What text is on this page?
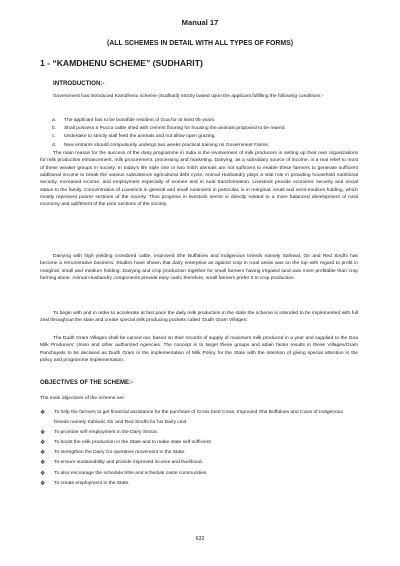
Manual 17
(ALL SCHEMES IN DETAIL WITH ALL TYPES OF FORMS)
1 - “KAMDHENU SCHEME” (SUDHARIT)
INTRODUCTION:-

Government has introduced Kamdhenu scheme (Sudharit) strictly based upon the applicant fulfilling the following conditions:-

a. The applicant has to be bonafide resident of Goa for at least 05 years.
b. Shall possess a Pucca cattle shed with cement flooring for housing the animals proposed to be reared.
c. Undertake to strictly stall feed the animals and not allow open grazing.
d. New entrants should compulsorily undergo two weeks practical training on Government Farms.

The main reason for the success of the dairy programme in India is the involvement of milk producers in setting up their own organizations for milk production enhancement, milk procurement, processing and marketing. Dairying, as a subsidiary source of income, is a real relief to most of these weaker groups in society. In today's life style one or two milch animals are not sufficient to enable these farmers to generate sufficient additional income to break the various subsistence agricultural debt cycle. Animal Husbandry plays a vital role in providing household nutritional security, increased income, and employment especially of women and in rural transformation. Livestock provide economic security and social status to the family. Concentration of Livestock in general and small ruminants in particular, is in marginal, small and semi-medium holding, which mostly represent poorer sections of the society. Thus progress in livestock sector is directly related to a more balanced development of rural economy and upliftment of the poor sections of the society.

Dairying with high yielding crossbred cattle, Improved She Buffaloes and Indigenous breeds namely Sahiwal, Gir and Red Sindhi has become a remunerative business. Studies have shown that dairy enterprise as against crop in rural areas was on the top with regard to profit in marginal, small and medium holding. Dairying and crop production together for small farmers having irrigated land was more profitable than crop farming alone. Animal Husbandry components provide easy cash; therefore, small farmers prefer it to crop production.

To begin with and in order to accelerate at fast pace the daily milk production in the state the scheme is intended to be implemented with full zeal throughout the state and create special milk producing pockets called 'Dudh Gram Villages'.

The Dudh Gram Villages shall be carved out, based on their records of supply of maximum milk produced in a year and supplied to the Goa Milk Producers' Union and other authorized Agencies. The concept is to target these groups and attain faster results in these Villages/Gram Panchayats to be declared as Dudh Gram in the implementation of Milk Policy for the State with the intention of giving special attention in the policy and programme implementation.

OBJECTIVES OF THE SCHEME:-
The main objectives of the scheme are
❖ To help the farmers to get financial assistance for the purchase of Cross bred Cows, Improved She Buffaloes and Cows of Indigenous breeds namely Sahiwal, Gir and Red Sindhi for his Dairy Unit.
❖ To promote self employment in the Dairy Sector.
❖ To boost the milk production in the State and to make state self sufficient.
❖ To strengthen the Dairy Co-operative movement in the State.
❖ To ensure sustainability and provide improved income and livelihood.
❖ To also encourage the schedule tribe and schedule caste communities.
❖ To create employment in the State.
632
